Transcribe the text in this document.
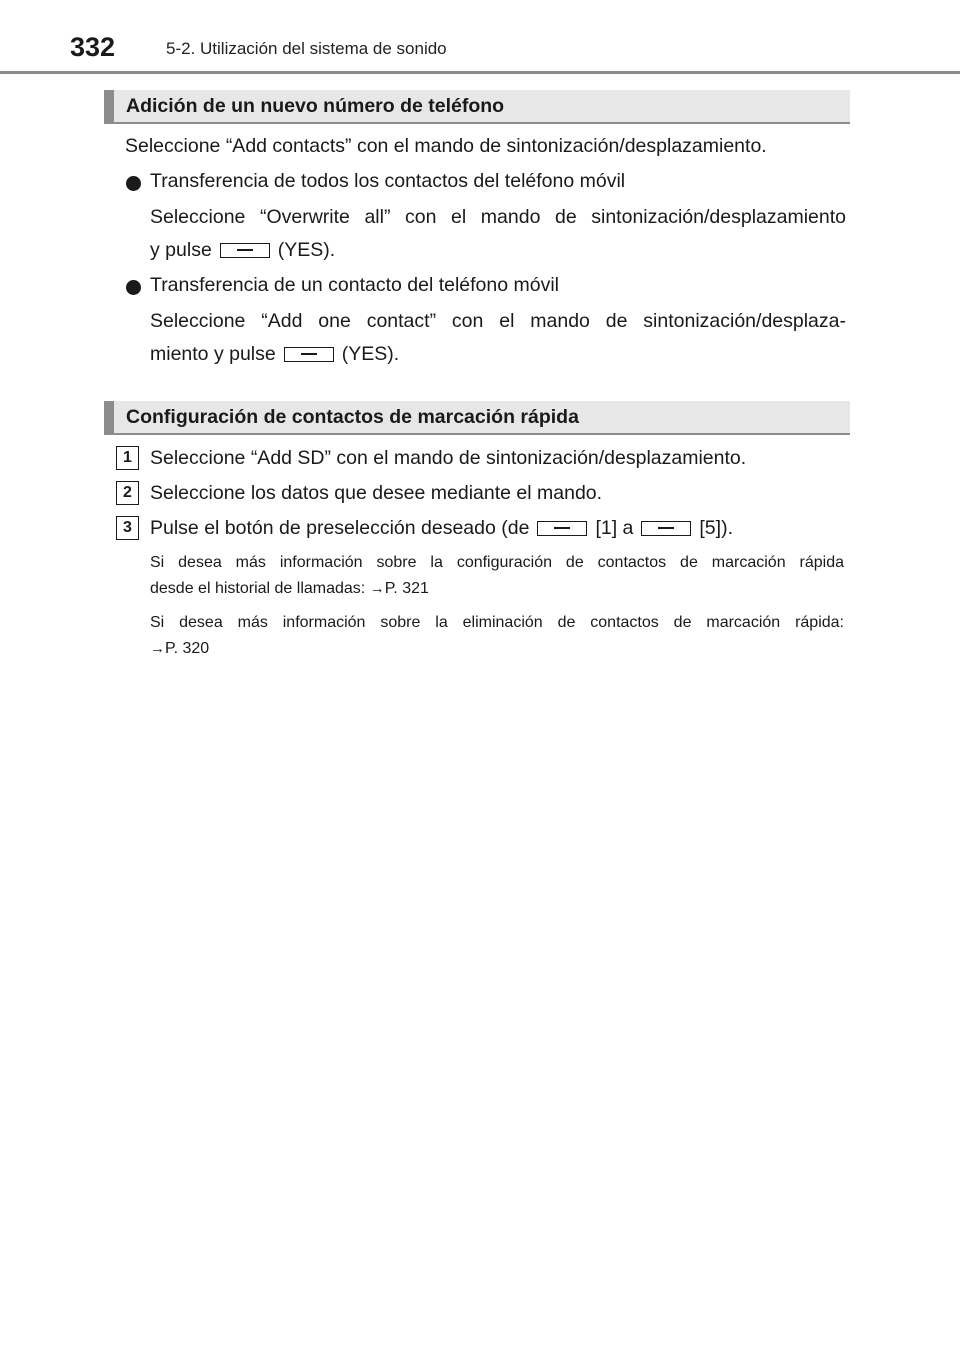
332	5-2. Utilización del sistema de sonido
Adición de un nuevo número de teléfono
Seleccione “Add contacts” con el mando de sintonización/desplazamiento.
Transferencia de todos los contactos del teléfono móvil
Seleccione “Overwrite all” con el mando de sintonización/desplazamiento
y pulse	(YES).
Transferencia de un contacto del teléfono móvil
Seleccione “Add one contact” con el mando de sintonización/desplaza-
miento y pulse	(YES).
Configuración de contactos de marcación rápida
1 Seleccione “Add SD” con el mando de sintonización/desplazamiento.
2 Seleccione los datos que desee mediante el mando.
3 Pulse el botón de preselección deseado (de	[1] a	[5]).
Si desea más información sobre la configuración de contactos de marcación rápida
desde el historial de llamadas: →P. 321
Si desea más información sobre la eliminación de contactos de marcación rápida:
→P. 320
